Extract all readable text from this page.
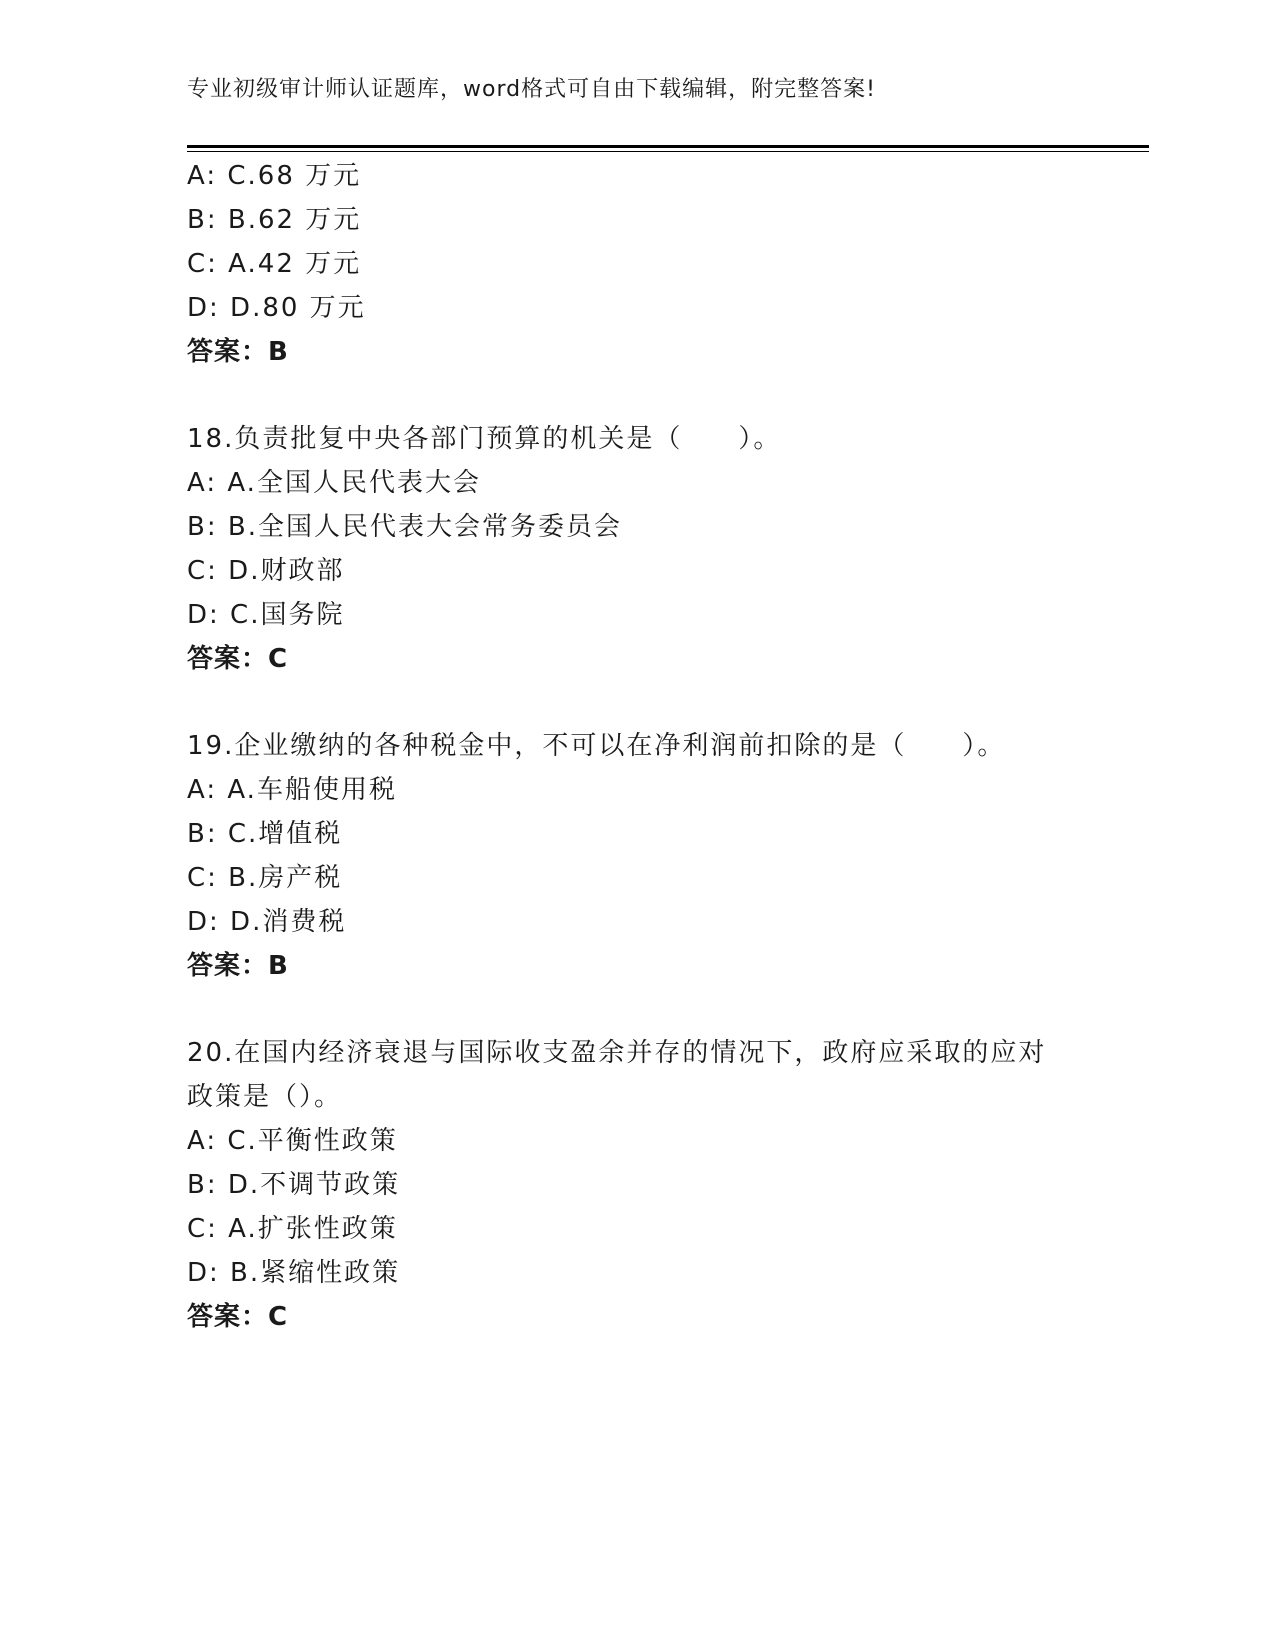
专业初级审计师认证题库，word格式可自由下载编辑，附完整答案!
A: C.68 万元
B: B.62 万元
C: A.42 万元
D: D.80 万元
答案：B
18.负责批复中央各部门预算的机关是（　　）。
A: A.全国人民代表大会
B: B.全国人民代表大会常务委员会
C: D.财政部
D: C.国务院
答案：C
19.企业缴纳的各种税金中，不可以在净利润前扣除的是（　　）。
A: A.车船使用税
B: C.增值税
C: B.房产税
D: D.消费税
答案：B
20.在国内经济衰退与国际收支盈余并存的情况下，政府应采取的应对
政策是（）。
A: C.平衡性政策
B: D.不调节政策
C: A.扩张性政策
D: B.紧缩性政策
答案：C
